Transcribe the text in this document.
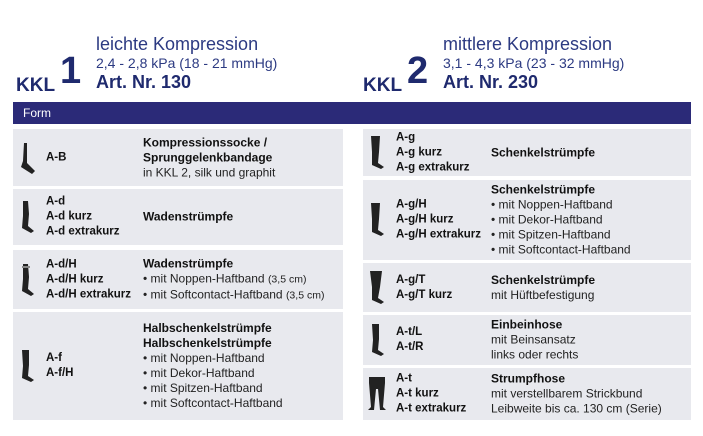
KKL 1
leichte Kompression
2,4 - 2,8 kPa (18 - 21 mmHg)
Art. Nr. 130	KKL 2
mittlere Kompression
3,1 - 4,3 kPa (23 - 32 mmHg)
Art. Nr. 230
Form
A-B
Kompressionssocke /
Sprunggelenkbandage
in KKL 2, silk und graphit
A-d
A-d kurz
A-d extrakurz
Wadenstrümpfe
A-d/H
A-d/H kurz
A-d/H extrakurz
Wadenstrümpfe
• mit Noppen-Haftband (3,5 cm)
• mit Softcontact-Haftband (3,5 cm)
A-f
A-f/H
Halbschenkelstrümpfe
Halbschenkelstrümpfe
• mit Noppen-Haftband
• mit Dekor-Haftband
• mit Spitzen-Haftband
• mit Softcontact-Haftband
A-g
A-g kurz
A-g extrakurz
Schenkelstrümpfe
A-g/H
A-g/H kurz
A-g/H extrakurz
Schenkelstrümpfe
• mit Noppen-Haftband
• mit Dekor-Haftband
• mit Spitzen-Haftband
• mit Softcontact-Haftband
A-g/T
A-g/T kurz
Schenkelstrümpfe
mit Hüftbefestigung
A-t/L
A-t/R
Einbeinhose
mit Beinsansatz
links oder rechts
A-t
A-t kurz
A-t extrakurz
Strumpfhose
mit verstellbarem Strickbund
Leibweite bis ca. 130 cm (Serie)
